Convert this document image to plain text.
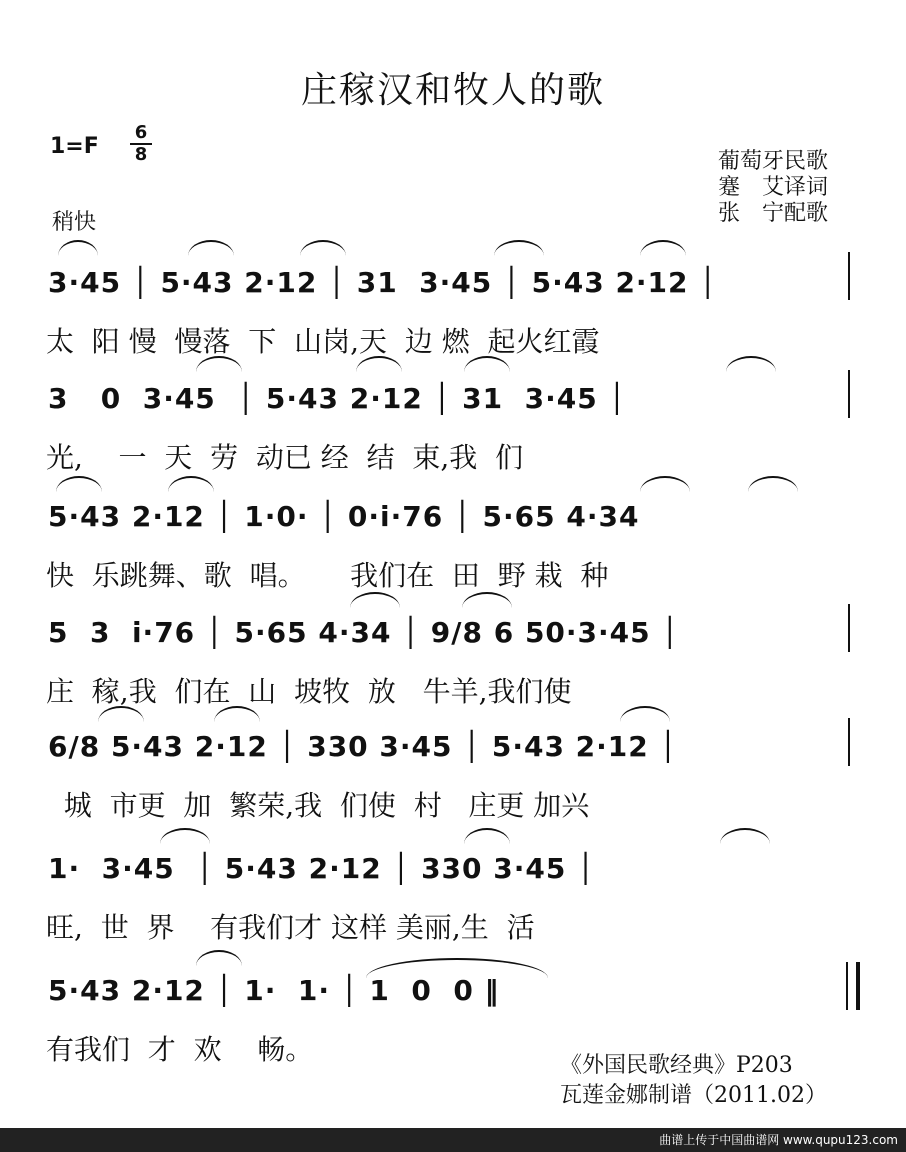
庄稼汉和牧人的歌
1=F
6
8	葡萄牙民歌
蹇　艾译词
张　宁配歌
稍快
3·45 │ 5·43 2·12 │ 31  3·45 │ 5·43 2·12 │
太  阳 慢  慢落  下  山岗,天  边 燃  起火红霞
3   0  3·45  │ 5·43 2·12 │ 31  3·45 │
光,    一  天  劳  动已 经  结  束,我  们
5·43 2·12 │ 1·0· │ 0·i·76 │ 5·65 4·34
快  乐跳舞、歌  唱。     我们在  田  野 栽  种
5  3  i·76 │ 5·65 4·34 │ 9/8 6 50·3·45 │
庄  稼,我  们在  山  坡牧  放   牛羊,我们使
6/8 5·43 2·12 │ 330 3·45 │ 5·43 2·12 │
城  市更  加  繁荣,我  们使  村   庄更 加兴
1·  3·45  │ 5·43 2·12 │ 330 3·45 │
旺,  世  界    有我们才 这样 美丽,生  活
5·43 2·12 │ 1·  1· │ 1  0  0 ‖
有我们  才  欢    畅。	《外国民歌经典》P203
瓦莲金娜制谱（2011.02）
曲谱上传于中国曲谱网 www.qupu123.com
